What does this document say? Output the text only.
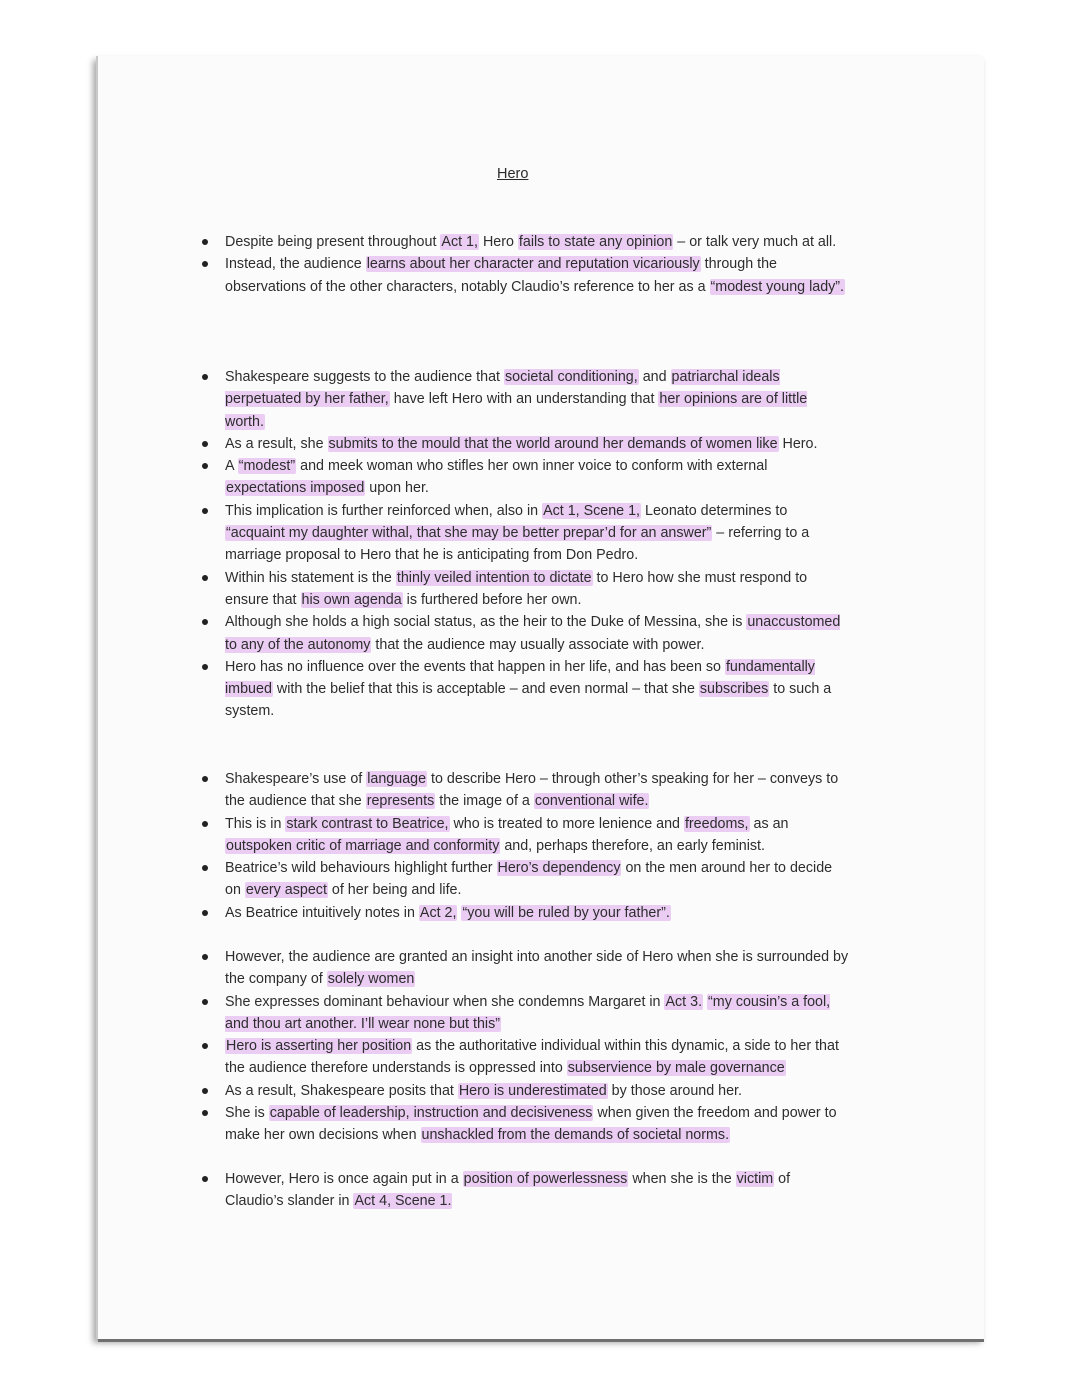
Hero
Despite being present throughout Act 1, Hero fails to state any opinion – or talk very much at all.
Instead, the audience learns about her character and reputation vicariously through the observations of the other characters, notably Claudio’s reference to her as a “modest young lady”.
Shakespeare suggests to the audience that societal conditioning, and patriarchal ideals perpetuated by her father, have left Hero with an understanding that her opinions are of little worth.
As a result, she submits to the mould that the world around her demands of women like Hero.
A “modest” and meek woman who stifles her own inner voice to conform with external expectations imposed upon her.
This implication is further reinforced when, also in Act 1, Scene 1, Leonato determines to “acquaint my daughter withal, that she may be better prepar’d for an answer” – referring to a marriage proposal to Hero that he is anticipating from Don Pedro.
Within his statement is the thinly veiled intention to dictate to Hero how she must respond to ensure that his own agenda is furthered before her own.
Although she holds a high social status, as the heir to the Duke of Messina, she is unaccustomed to any of the autonomy that the audience may usually associate with power.
Hero has no influence over the events that happen in her life, and has been so fundamentally imbued with the belief that this is acceptable – and even normal – that she subscribes to such a system.
Shakespeare’s use of language to describe Hero – through other’s speaking for her – conveys to the audience that she represents the image of a conventional wife.
This is in stark contrast to Beatrice, who is treated to more lenience and freedoms, as an outspoken critic of marriage and conformity and, perhaps therefore, an early feminist.
Beatrice’s wild behaviours highlight further Hero’s dependency on the men around her to decide on every aspect of her being and life.
As Beatrice intuitively notes in Act 2, “you will be ruled by your father”.
However, the audience are granted an insight into another side of Hero when she is surrounded by the company of solely women
She expresses dominant behaviour when she condemns Margaret in Act 3. “my cousin’s a fool, and thou art another. I’ll wear none but this”
Hero is asserting her position as the authoritative individual within this dynamic, a side to her that the audience therefore understands is oppressed into subservience by male governance
As a result, Shakespeare posits that Hero is underestimated by those around her.
She is capable of leadership, instruction and decisiveness when given the freedom and power to make her own decisions when unshackled from the demands of societal norms.
However, Hero is once again put in a position of powerlessness when she is the victim of Claudio’s slander in Act 4, Scene 1.
